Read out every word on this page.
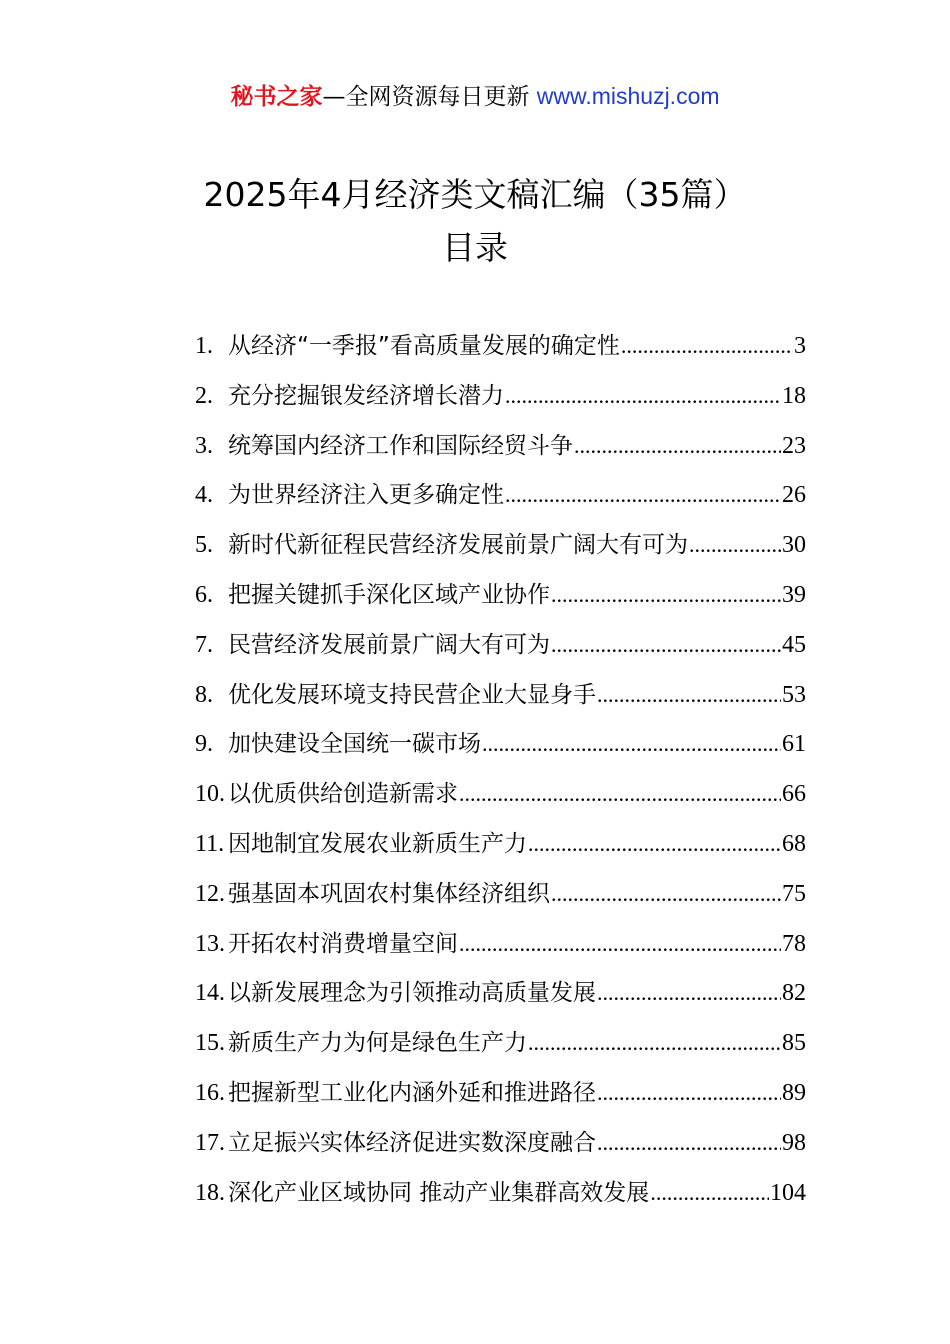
秘书之家—全网资源每日更新 www.mishuzj.com
2025年4月经济类文稿汇编（35篇）
目录
1. 从经济“一季报”看高质量发展的确定性 .....	3
2. 充分挖掘银发经济增长潜力 .....	18
3. 统筹国内经济工作和国际经贸斗争 .....	23
4. 为世界经济注入更多确定性 .....	26
5. 新时代新征程民营经济发展前景广阔大有可为 .....	30
6. 把握关键抓手深化区域产业协作 .....	39
7. 民营经济发展前景广阔大有可为 .....	45
8. 优化发展环境支持民营企业大显身手 .....	53
9. 加快建设全国统一碳市场 .....	61
10. 以优质供给创造新需求 .....	66
11. 因地制宜发展农业新质生产力 .....	68
12. 强基固本巩固农村集体经济组织 .....	75
13. 开拓农村消费增量空间 .....	78
14. 以新发展理念为引领推动高质量发展 .....	82
15. 新质生产力为何是绿色生产力 .....	85
16. 把握新型工业化内涵外延和推进路径 .....	89
17. 立足振兴实体经济促进实数深度融合 .....	98
18. 深化产业区域协同 推动产业集群高效发展 .....	104
